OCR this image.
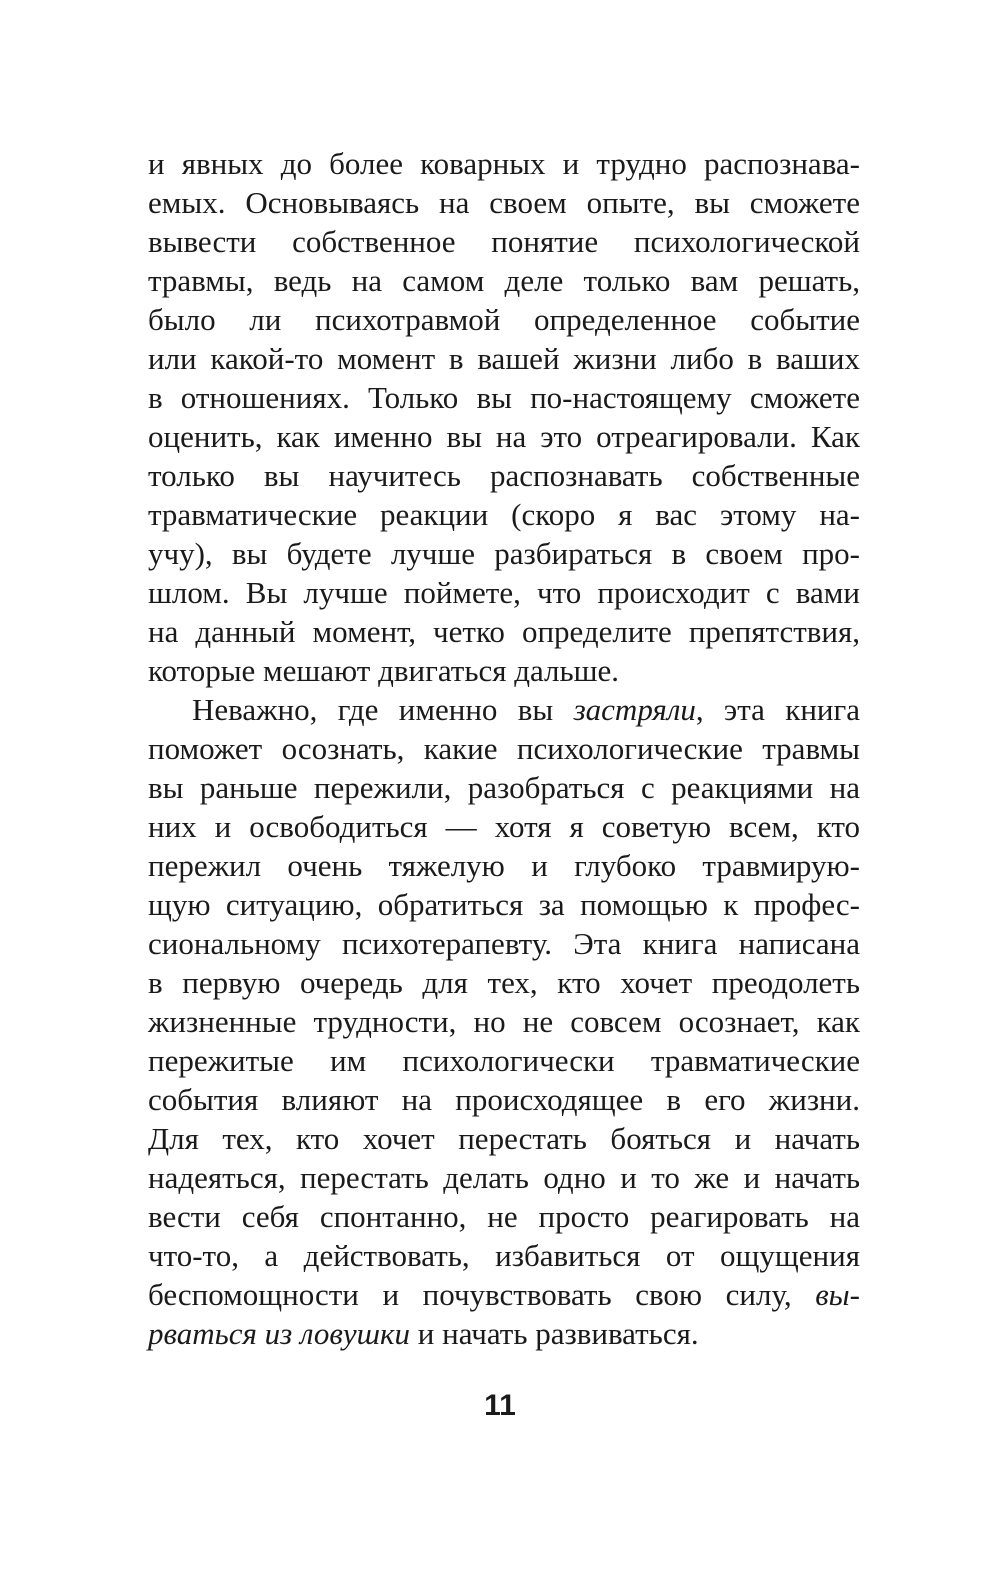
и явных до более коварных и трудно распознава-
емых. Основываясь на своем опыте, вы сможете
вывести собственное понятие психологической
травмы, ведь на самом деле только вам решать,
было ли психотравмой определенное событие
или какой-то момент в вашей жизни либо в ваших
в отношениях. Только вы по-настоящему сможете
оценить, как именно вы на это отреагировали. Как
только вы научитесь распознавать собственные
травматические реакции (скоро я вас этому на-
учу), вы будете лучше разбираться в своем про-
шлом. Вы лучше поймете, что происходит с вами
на данный момент, четко определите препятствия,
которые мешают двигаться дальше.
Неважно, где именно вы застряли, эта книга
поможет осознать, какие психологические травмы
вы раньше пережили, разобраться с реакциями на
них и освободиться — хотя я советую всем, кто
пережил очень тяжелую и глубоко травмирую-
щую ситуацию, обратиться за помощью к профес-
сиональному психотерапевту. Эта книга написана
в первую очередь для тех, кто хочет преодолеть
жизненные трудности, но не совсем осознает, как
пережитые им психологически травматические
события влияют на происходящее в его жизни.
Для тех, кто хочет перестать бояться и начать
надеяться, перестать делать одно и то же и начать
вести себя спонтанно, не просто реагировать на
что-то, а действовать, избавиться от ощущения
беспомощности и почувствовать свою силу, вы-
рваться из ловушки и начать развиваться.
11
